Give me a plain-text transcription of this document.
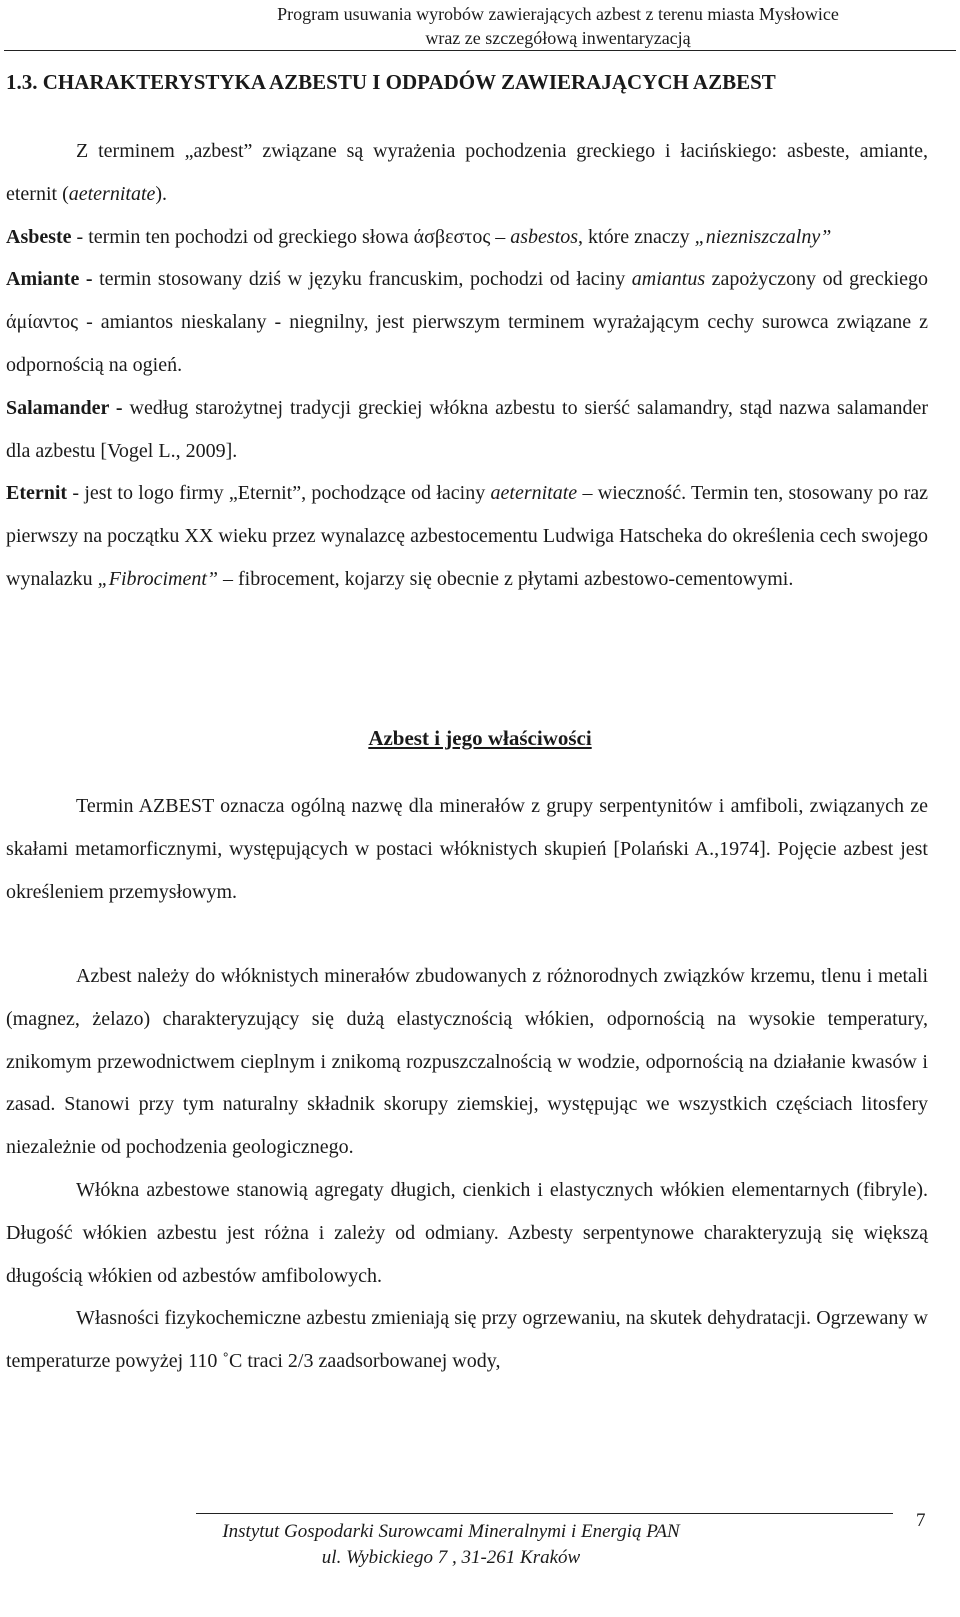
Program usuwania wyrobów zawierających azbest z terenu miasta Mysłowice
wraz ze szczegółową inwentaryzacją
1.3. CHARAKTERYSTYKA AZBESTU I ODPADÓW ZAWIERAJĄCYCH AZBEST

Z terminem „azbest” związane są wyrażenia pochodzenia greckiego i łacińskiego: asbeste, amiante, eternit (aeternitate).

Asbeste - termin ten pochodzi od greckiego słowa άσβεστος – asbestos, które znaczy „niezniszczalny”

Amiante - termin stosowany dziś w języku francuskim, pochodzi od łaciny amiantus zapożyczony od greckiego άμίαντος - amiantos nieskalany - niegnilny, jest pierwszym terminem wyrażającym cechy surowca związane z odpornością na ogień.

Salamander - według starożytnej tradycji greckiej włókna azbestu to sierść salamandry, stąd nazwa salamander dla azbestu [Vogel L., 2009].

Eternit - jest to logo firmy „Eternit”, pochodzące od łaciny aeternitate – wieczność. Termin ten, stosowany po raz pierwszy na początku XX wieku przez wynalazcę azbestocementu Ludwiga Hatscheka do określenia cech swojego wynalazku „Fibrociment” – fibrocement, kojarzy się obecnie z płytami azbestowo-cementowymi.

Azbest i jego właściwości

Termin AZBEST oznacza ogólną nazwę dla minerałów z grupy serpentynitów i amfiboli, związanych ze skałami metamorficznymi, występujących w postaci włóknistych skupień [Polański A.,1974]. Pojęcie azbest jest określeniem przemysłowym.

Azbest należy do włóknistych minerałów zbudowanych z różnorodnych związków krzemu, tlenu i metali (magnez, żelazo) charakteryzujący się dużą elastycznością włókien, odpornością na wysokie temperatury, znikomym przewodnictwem cieplnym i znikomą rozpuszczalnością w wodzie, odpornością na działanie kwasów i zasad. Stanowi przy tym naturalny składnik skorupy ziemskiej, występując we wszystkich częściach litosfery niezależnie od pochodzenia geologicznego.

Włókna azbestowe stanowią agregaty długich, cienkich i elastycznych włókien elementarnych (fibryle). Długość włókien azbestu jest różna i zależy od odmiany. Azbesty serpentynowe charakteryzują się większą długością włókien od azbestów amfibolowych.

Własności fizykochemiczne azbestu zmieniają się przy ogrzewaniu, na skutek dehydratacji. Ogrzewany w temperaturze powyżej 110 ˚C traci 2/3 zaadsorbowanej wody,

Instytut Gospodarki Surowcami Mineralnymi i Energią PAN
ul. Wybickiego 7 , 31-261 Kraków
7
